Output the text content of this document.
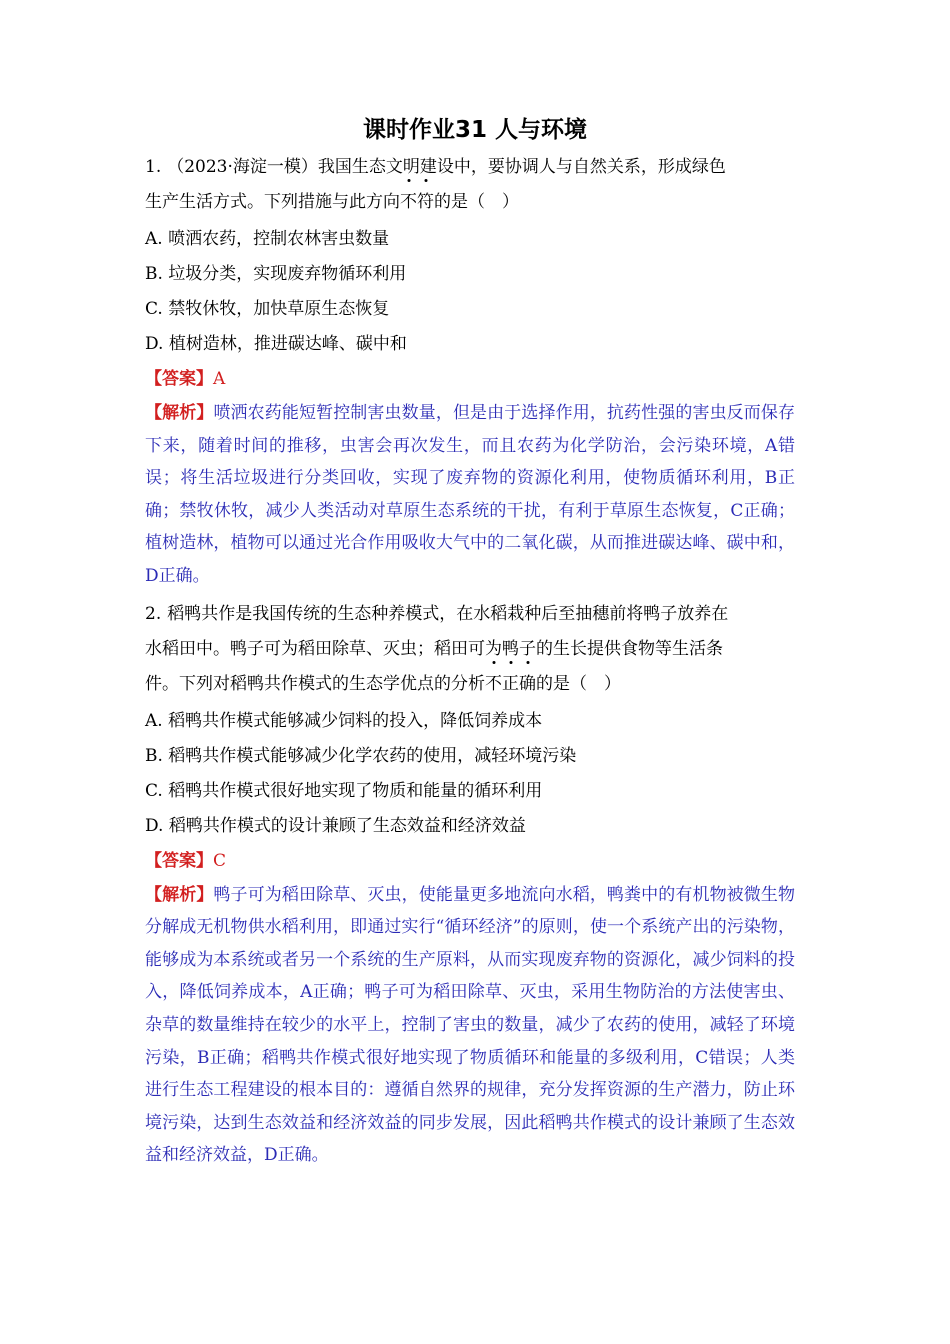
课时作业31 人与环境

1. （2023·海淀一模）我国生态文明建设中，要协调人与自然关系，形成绿色

生产生活方式。下列措施与此方向不符的是（　）

A. 喷洒农药，控制农林害虫数量

B. 垃圾分类，实现废弃物循环利用

C. 禁牧休牧，加快草原生态恢复

D. 植树造林，推进碳达峰、碳中和

【答案】A

【解析】喷洒农药能短暂控制害虫数量，但是由于选择作用，抗药性强的害虫反而保存下来，随着时间的推移，虫害会再次发生，而且农药为化学防治，会污染环境，A错误；将生活垃圾进行分类回收，实现了废弃物的资源化利用，使物质循环利用，B正确；禁牧休牧，减少人类活动对草原生态系统的干扰，有利于草原生态恢复，C正确；植树造林，植物可以通过光合作用吸收大气中的二氧化碳，从而推进碳达峰、碳中和，D正确。

2. 稻鸭共作是我国传统的生态种养模式，在水稻栽种后至抽穗前将鸭子放养在

水稻田中。鸭子可为稻田除草、灭虫；稻田可为鸭子的生长提供食物等生活条

件。下列对稻鸭共作模式的生态学优点的分析不正确的是（　）

A. 稻鸭共作模式能够减少饲料的投入，降低饲养成本

B. 稻鸭共作模式能够减少化学农药的使用，减轻环境污染

C. 稻鸭共作模式很好地实现了物质和能量的循环利用

D. 稻鸭共作模式的设计兼顾了生态效益和经济效益

【答案】C

【解析】鸭子可为稻田除草、灭虫，使能量更多地流向水稻，鸭粪中的有机物被微生物分解成无机物供水稻利用，即通过实行“循环经济”的原则，使一个系统产出的污染物，能够成为本系统或者另一个系统的生产原料，从而实现废弃物的资源化，减少饲料的投入，降低饲养成本，A正确；鸭子可为稻田除草、灭虫，采用生物防治的方法使害虫、杂草的数量维持在较少的水平上，控制了害虫的数量，减少了农药的使用，减轻了环境污染，B正确；稻鸭共作模式很好地实现了物质循环和能量的多级利用，C错误；人类进行生态工程建设的根本目的：遵循自然界的规律，充分发挥资源的生产潜力，防止环境污染，达到生态效益和经济效益的同步发展，因此稻鸭共作模式的设计兼顾了生态效益和经济效益，D正确。
